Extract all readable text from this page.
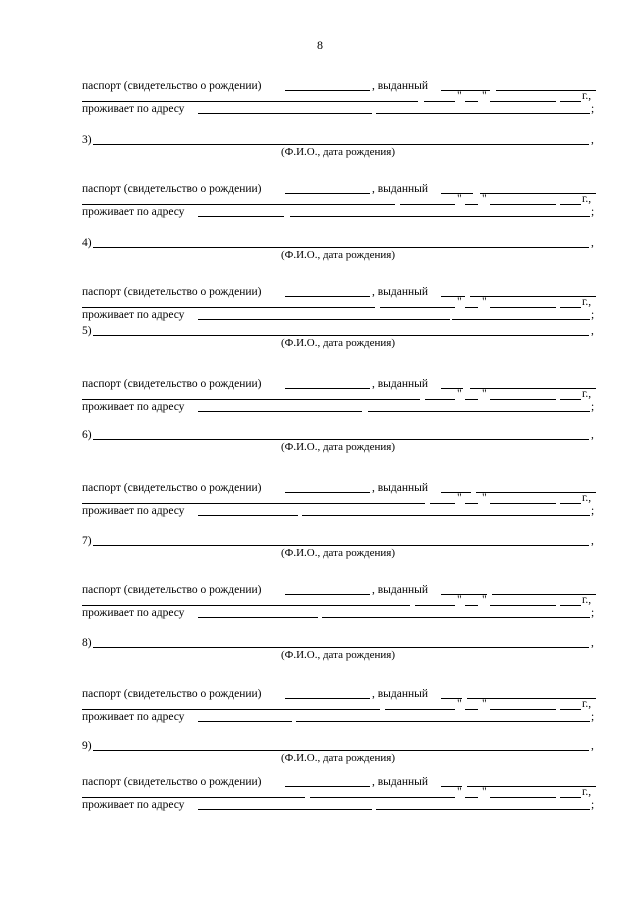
8
паспорт (свидетельство о рождении)	, выданный
" "	г.,
проживает по адресу	;
паспорт (свидетельство о рождении)	, выданный
" "	г.,
проживает по адресу	;
паспорт (свидетельство о рождении)	, выданный
" "	г.,
проживает по адресу	;
паспорт (свидетельство о рождении)	, выданный
" "	г.,
проживает по адресу	;
паспорт (свидетельство о рождении)	, выданный
" "	г.,
проживает по адресу	;
паспорт (свидетельство о рождении)	, выданный
" "	г.,
проживает по адресу	;
паспорт (свидетельство о рождении)	, выданный
" "	г.,
проживает по адресу	;
паспорт (свидетельство о рождении)	, выданный
" "	г.,
проживает по адресу	;
3)	,
(Ф.И.О., дата рождения)
4)	,
(Ф.И.О., дата рождения)
5)	,
(Ф.И.О., дата рождения)
6)	,
(Ф.И.О., дата рождения)
7)	,
(Ф.И.О., дата рождения)
8)	,
(Ф.И.О., дата рождения)
9)	,
(Ф.И.О., дата рождения)
